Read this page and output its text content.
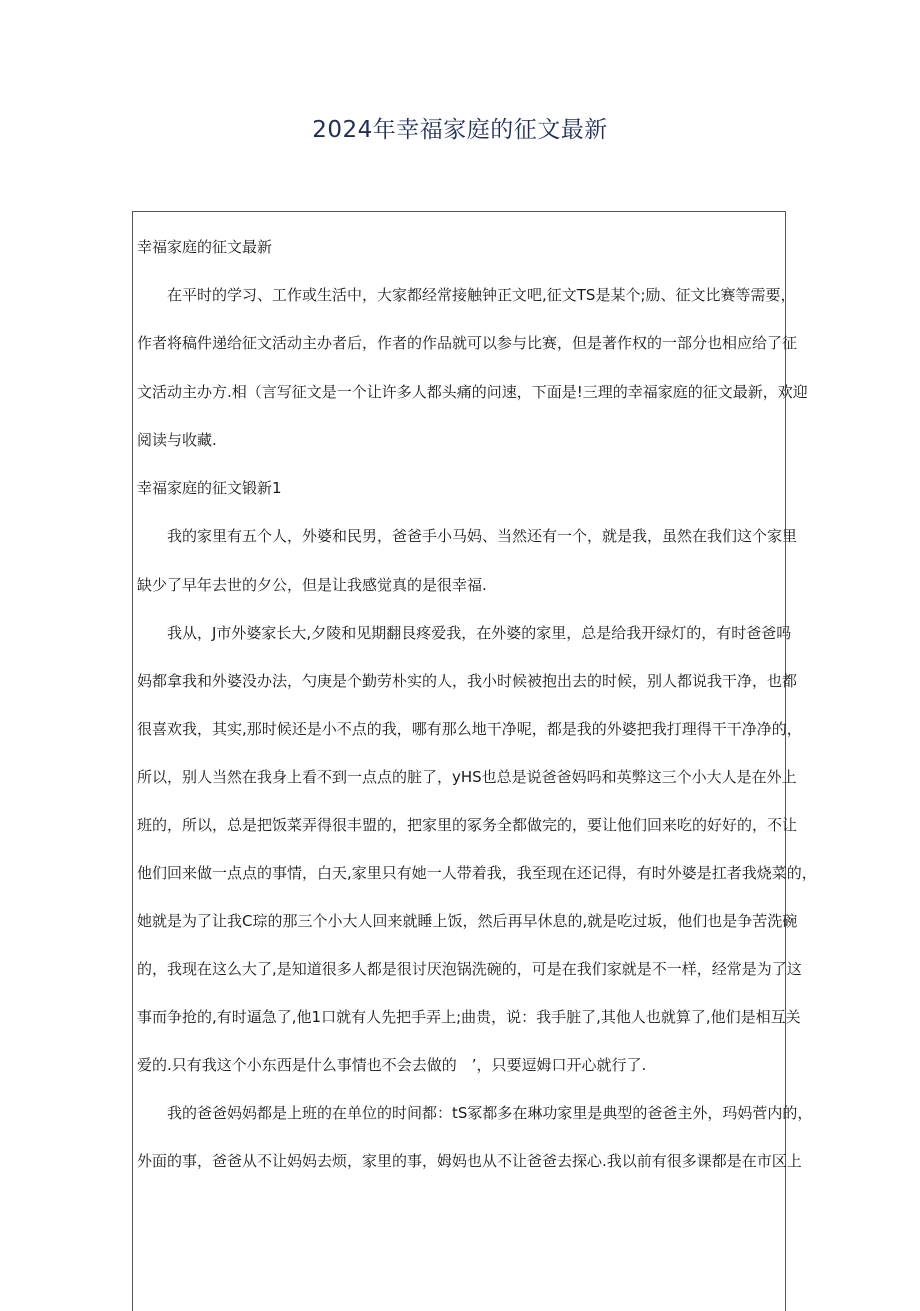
2024年幸福家庭的征文最新
幸福家庭的征文最新
在平时的学习、工作或生活中，大家都经常接触钟正文吧,征文TS是某个;励、征文比赛等需要，
作者将稿件递给征文活动主办者后，作者的作品就可以参与比赛，但是著作权的一部分也相应给了征
文活动主办方.相（言写征文是一个让许多人都头痛的问速，下面是!三理的幸福家庭的征文最新，欢迎
阅读与收藏.
幸福家庭的征文锻新1
我的家里有五个人，外婆和民男，爸爸手小马妈、当然还有一个，就是我，虽然在我们这个家里
缺少了早年去世的夕公，但是让我感觉真的是很幸福.
我从，J市外婆家长大,夕陵和见期翻艮疼爱我，在外婆的家里，总是给我开绿灯的，有时爸爸吗
妈都拿我和外婆没办法，勺庚是个勤劳朴实的人，我小时候被抱出去的时候，别人都说我干净，也都
很喜欢我，其实,那时候还是小不点的我，哪有那么地干净呢，都是我的外婆把我打理得干干净净的，
所以，别人当然在我身上看不到一点点的脏了，yHS也总是说爸爸妈吗和英弊这三个小大人是在外上
班的，所以，总是把饭菜弄得很丰盟的，把家里的冢务全都做完的，要让他们回来吃的好好的，不让
他们回来做一点点的事情，白天,家里只有她一人带着我，我至现在还记得，有时外婆是扛者我烧菜的，
她就是为了让我C琮的那三个小大人回来就睡上饭，然后再早休息的,就是吃过坂，他们也是争苦洗碗
的，我现在这么大了,是知道很多人都是很讨厌泡锅洗碗的，可是在我们家就是不一样，经常是为了这
事而争抢的,有时逼急了,他1口就有人先把手弄上;曲贵，说：我手脏了,其他人也就算了,他们是相互关
爱的.只有我这个小东西是什么事情也不会去做的　’，只要逗姆口开心就行了.
我的爸爸妈妈都是上班的在单位的时间都：tS冢都多在琳功家里是典型的爸爸主外，玛妈菅内的，
外面的事，爸爸从不让妈妈去烦，家里的事，姆妈也从不让爸爸去探心.我以前有很多课都是在市区上
